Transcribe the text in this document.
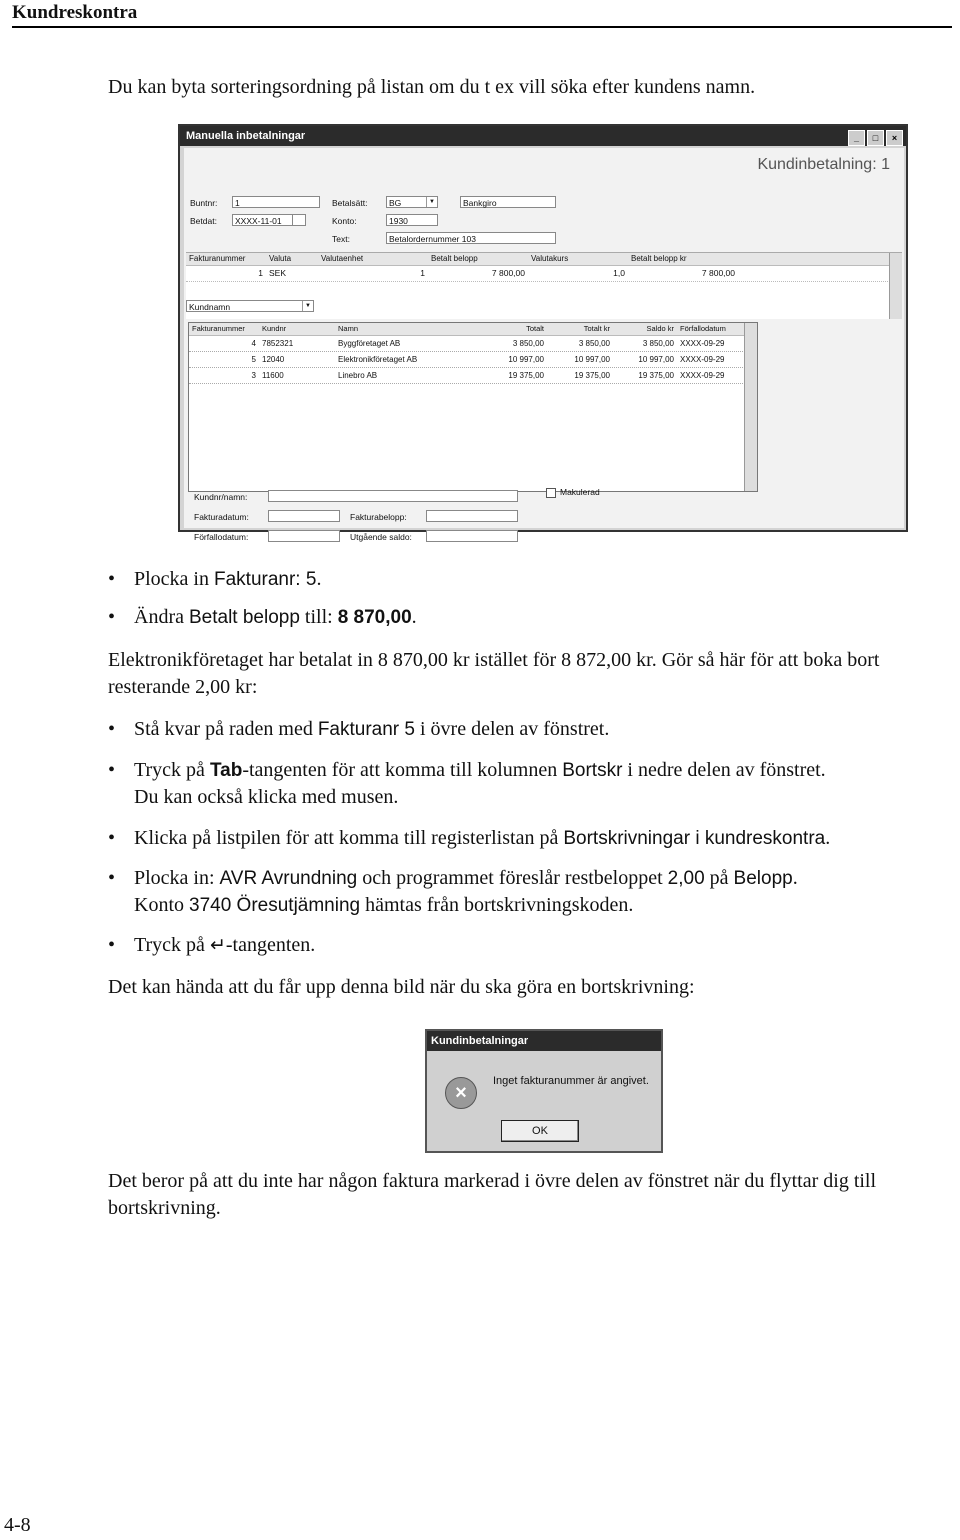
Kundreskontra
Du kan byta sorteringsordning på listan om du t ex vill söka efter kundens namn.
Manuella inbetalningar	_ □ ×
Kundinbetalning: 1
Buntnr:	1
Betdat:	XXXX-11-01
Betalsätt:	BG	▼	Bankgiro
Konto:	1930
Text:	Betalordernummer 103
Fakturanummer	Valuta	Valutaenhet	Betalt belopp	Valutakurs	Betalt belopp kr
1 SEK	1	7 800,00	1,0	7 800,00
Kundnamn	▼
Fakturanummer	Kundnr	Namn	Totalt	Totalt kr	Saldo kr Förfallodatum
4 7852321	Byggföretaget AB	3 850,00	3 850,00	3 850,00 XXXX-09-29
5 12040	Elektronikföretaget AB	10 997,00	10 997,00	10 997,00 XXXX-09-29
3 11600	Linebro AB	19 375,00	19 375,00	19 375,00 XXXX-09-29
Kundnr/namn:
Fakturadatum:
Förfallodatum:
Fakturabelopp:
Utgående saldo:
Makulerad
• Plocka in Fakturanr: 5.
• Ändra Betalt belopp till: 8 870,00.
Elektronikföretaget har betalat in 8 870,00 kr istället för 8 872,00 kr. Gör så här för att boka bort resterande 2,00 kr:
• Stå kvar på raden med Fakturanr 5 i övre delen av fönstret.
• Tryck på Tab-tangenten för att komma till kolumnen Bortskr i nedre delen av fönstret.
Du kan också klicka med musen.
• Klicka på listpilen för att komma till registerlistan på Bortskrivningar i kundreskontra.
• Plocka in: AVR Avrundning och programmet föreslår restbeloppet 2,00 på Belopp.
Konto 3740 Öresutjämning hämtas från bortskrivningskoden.
• Tryck på ↵-tangenten.
Det kan hända att du får upp denna bild när du ska göra en bortskrivning:
Kundinbetalningar
×
Inget fakturanummer är angivet.
OK
Det beror på att du inte har någon faktura markerad i övre delen av fönstret när du flyttar dig till bortskrivning.
4-8
